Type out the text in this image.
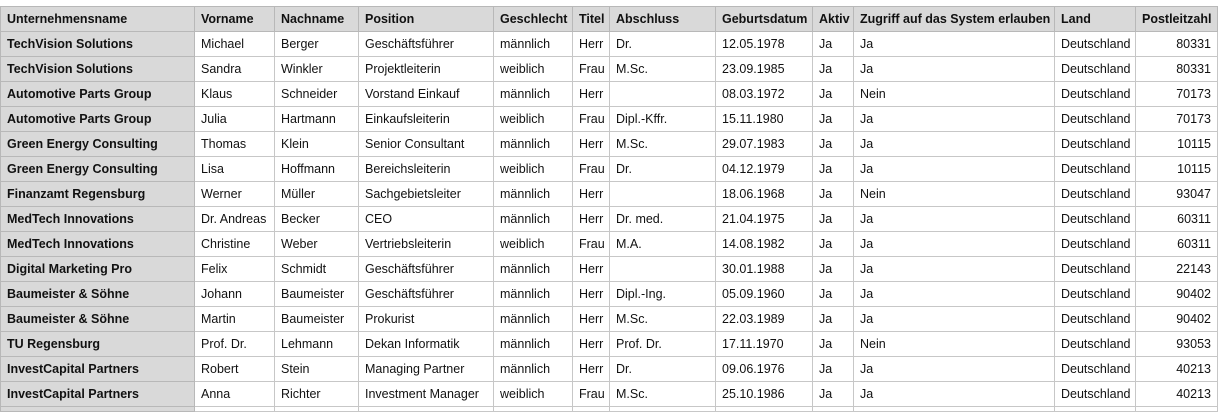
Unternehmensname	Vorname	Nachname	Position	Geschlecht	Titel	Abschluss	Geburtsdatum	Aktiv	Zugriff auf das System erlauben	Land	Postleitzahl
TechVision Solutions	Michael	Berger	Geschäftsführer	männlich	Herr	Dr.	12.05.1978	Ja	Ja	Deutschland	80331
TechVision Solutions	Sandra	Winkler	Projektleiterin	weiblich	Frau	M.Sc.	23.09.1985	Ja	Ja	Deutschland	80331
Automotive Parts Group	Klaus	Schneider	Vorstand Einkauf	männlich	Herr		08.03.1972	Ja	Nein	Deutschland	70173
Automotive Parts Group	Julia	Hartmann	Einkaufsleiterin	weiblich	Frau	Dipl.-Kffr.	15.11.1980	Ja	Ja	Deutschland	70173
Green Energy Consulting	Thomas	Klein	Senior Consultant	männlich	Herr	M.Sc.	29.07.1983	Ja	Ja	Deutschland	10115
Green Energy Consulting	Lisa	Hoffmann	Bereichsleiterin	weiblich	Frau	Dr.	04.12.1979	Ja	Ja	Deutschland	10115
Finanzamt Regensburg	Werner	Müller	Sachgebietsleiter	männlich	Herr		18.06.1968	Ja	Nein	Deutschland	93047
MedTech Innovations	Dr. Andreas	Becker	CEO	männlich	Herr	Dr. med.	21.04.1975	Ja	Ja	Deutschland	60311
MedTech Innovations	Christine	Weber	Vertriebsleiterin	weiblich	Frau	M.A.	14.08.1982	Ja	Ja	Deutschland	60311
Digital Marketing Pro	Felix	Schmidt	Geschäftsführer	männlich	Herr		30.01.1988	Ja	Ja	Deutschland	22143
Baumeister & Söhne	Johann	Baumeister	Geschäftsführer	männlich	Herr	Dipl.-Ing.	05.09.1960	Ja	Ja	Deutschland	90402
Baumeister & Söhne	Martin	Baumeister	Prokurist	männlich	Herr	M.Sc.	22.03.1989	Ja	Ja	Deutschland	90402
TU Regensburg	Prof. Dr.	Lehmann	Dekan Informatik	männlich	Herr	Prof. Dr.	17.11.1970	Ja	Nein	Deutschland	93053
InvestCapital Partners	Robert	Stein	Managing Partner	männlich	Herr	Dr.	09.06.1976	Ja	Ja	Deutschland	40213
InvestCapital Partners	Anna	Richter	Investment Manager	weiblich	Frau	M.Sc.	25.10.1986	Ja	Ja	Deutschland	40213
